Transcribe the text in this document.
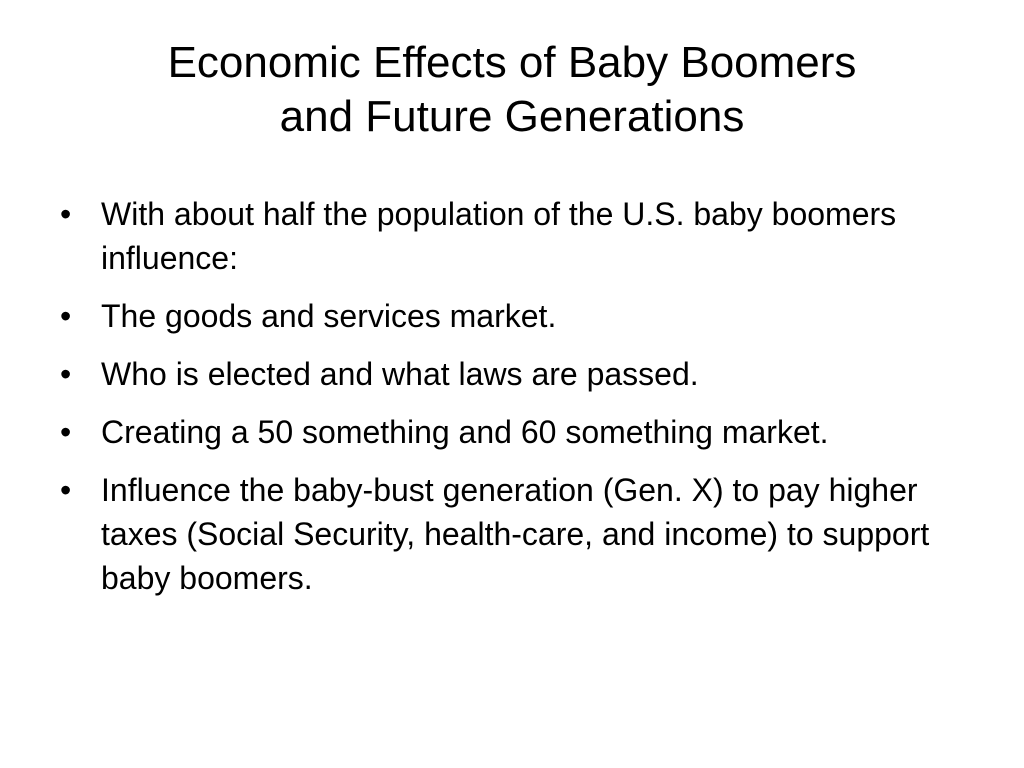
Economic Effects of Baby Boomers
and Future Generations
• With about half the population of the U.S. baby boomers influence:
• The goods and services market.
• Who is elected and what laws are passed.
• Creating a 50 something and 60 something market.
• Influence the baby-bust generation (Gen. X) to pay higher taxes (Social Security, health-care, and income) to support baby boomers.
